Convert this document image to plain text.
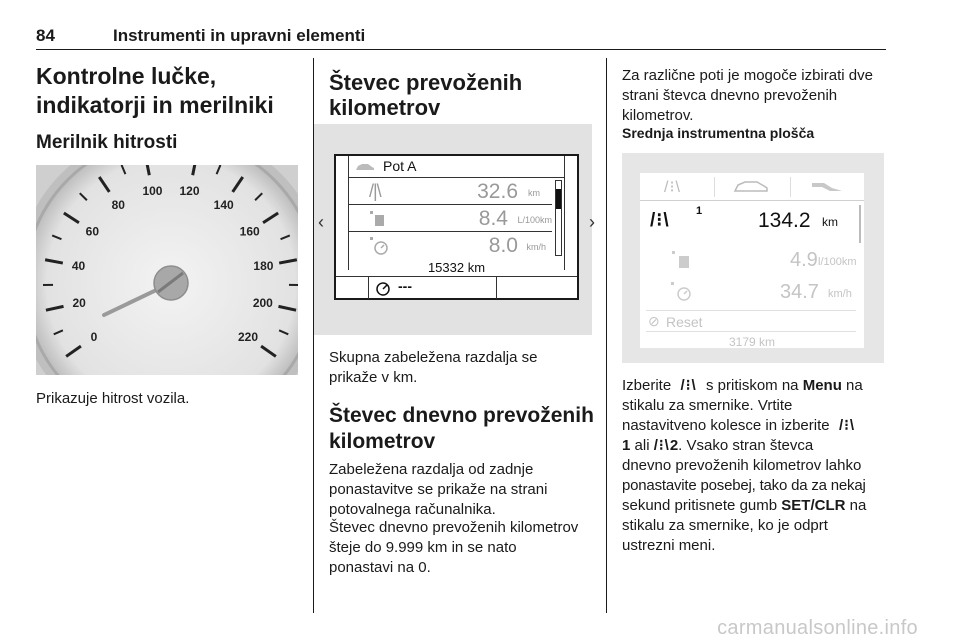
84	Instrumenti in upravni elementi
Kontrolne lučke,
indikatorji in merilniki
Merilnik hitrosti
0
20
40
60
80
100 120
140
160
180
200
220
Prikazuje hitrost vozila.
Števec prevoženih
kilometrov
‹	›
Pot A
/|\	32.6 km
8.4 L/100km
8.0 km/h
15332 km
---
Skupna zabeležena razdalja se
prikaže v km.
Števec dnevno prevoženih
kilometrov
Zabeležena razdalja od zadnje
ponastavitve se prikaže na strani
potovalnega računalnika.
Števec dnevno prevoženih kilometrov
šteje do 9.999 km in se nato
ponastavi na 0.
Za različne poti je mogoče izbirati dve
strani števca dnevno prevoženih
kilometrov.
Srednja instrumentna plošča
/⁝\
/⁝\ 1	134.2 km
4.9 l/100km
34.7 km/h
⊘ Reset
3179 km
Izberite  /⁝\  s pritiskom na Menu na
stikalu za smernike. Vrtite
nastavitveno kolesce in izberite  /⁝\
1 ali /⁝\2. Vsako stran števca
dnevno prevoženih kilometrov lahko
ponastavite posebej, tako da za nekaj
sekund pritisnete gumb SET/CLR na
stikalu za smernike, ko je odprt
ustrezni meni.
carmanualsonline.info
